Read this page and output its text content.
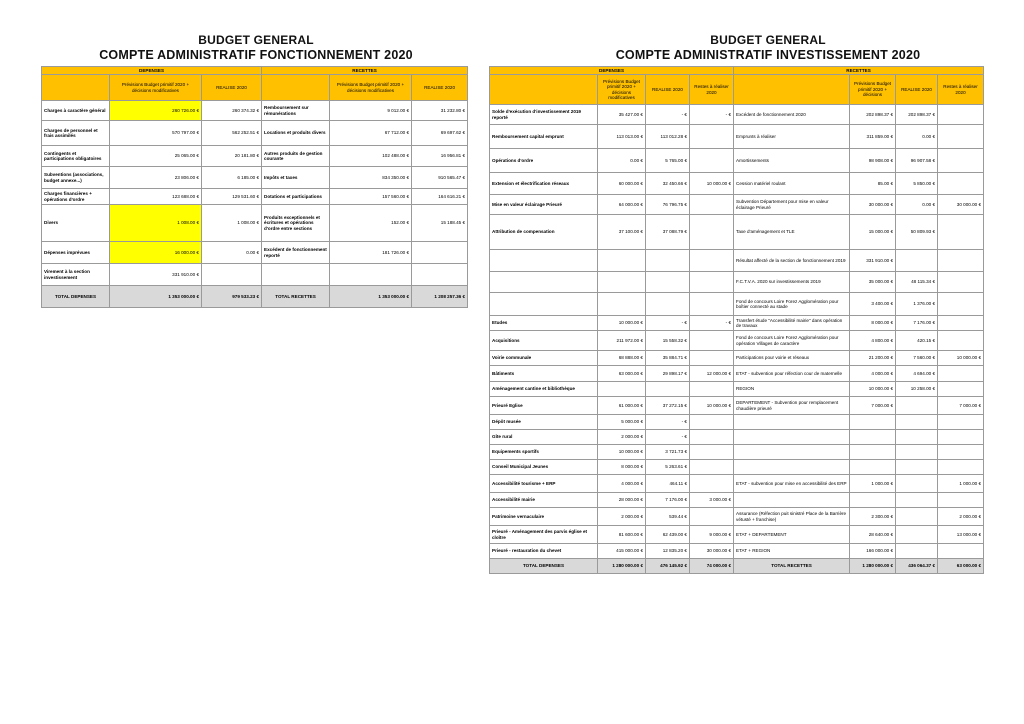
BUDGET GENERAL
COMPTE ADMINISTRATIF FONCTIONNEMENT 2020
DEPENSES			RECETTES		
	Prévisions Budget primitif 2020 + décisions modificatives	REALISE 2020		Prévisions Budget primitif 2020 + décisions modificatives	REALISE 2020
Charges à caractère général	260 726.00 €	260 374.32 €	Remboursement sur rémunérations	9 012.00 €	31 232.80 €
Charges de personnel et frais assimilés	570 797.00 €	562 252.51 €	Locations et produits divers	67 712.00 €	69 697.62 €
Contingents et participations obligatoires	25 065.00 €	20 181.80 €	Autres produits de gestion courante	102 488.00 €	16 956.81 €
Subventions (associations, budget annexe...)	23 806.00 €	6 185.00 €	Impôts et taxes	834 350.00 €	910 565.47 €
Charges financières + opérations d'ordre	123 688.00 €	129 531.60 €	Dotations et participations	157 560.00 €	164 616.21 €
Divers	1 008.00 €	1 008.00 €	Produits exceptionnels et écritures et opérations d'ordre entre sections	152.00 €	15 188.45 €
Dépenses imprévues	16 000.00 €	0.00 €	Excédent de fonctionnement reporté	181 726.00 €	
Virement à la section investissement	331 910.00 €				
TOTAL DEPENSES	1 353 000.00 €	979 533.23 €	TOTAL RECETTES	1 353 000.00 €	1 208 257.36 €
BUDGET GENERAL
COMPTE ADMINISTRATIF INVESTISSEMENT 2020
DEPENSES				RECETTES			
	Prévisions Budget primitif 2020 + décisions modificatives	REALISE 2020	Restes à réaliser 2020		Prévisions Budget primitif 2020 + décisions	REALISE 2020	Restes à réaliser 2020
Solde d'exécution d'investissement 2019 reporté	35 427.00 €	- €	- €	Excédent de fonctionnement 2020	202 898.37 €	202 898.37 €	
Remboursement capital emprunt	113 013.00 €	113 012.28 €		Emprunts à réaliser	311 859.00 €	0.00 €	
Opérations d'ordre	0.00 €	5 765.00 €		Amortissements	98 908.00 €	96 907.58 €	
Extension et électrification réseaux	60 000.00 €	32 450.66 €	10 000.00 €	Cession matériel roulant	85.00 €	5 850.00 €	
Mise en valeur éclairage Prieuré	64 000.00 €	76 796.75 €		Subvention Département pour mise en valeur éclairage Prieuré	30 000.00 €	0.00 €	30 000.00 €
Attribution de compensation	37 100.00 €	37 088.79 €		Taxe d'aménagement et TLE	15 000.00 €	50 809.93 €	
				Résultat affecté de la section de fonctionnement 2019	331 910.00 €		
				F.C.T.V.A. 2020 sur investissements 2019	35 000.00 €	48 115.34 €	
				Fond de concours Loire Forez Agglomération pour boîtier connecté au stade	3 400.00 €	1 376.00 €	
Etudes	10 000.00 €	- €	- €	Transfert étude "Accessibilité mairie" dans opération de travaux	8 000.00 €	7 176.00 €	
Acquisitions	211 972.00 €	15 558.32 €		Fond de concours Loire Forez Agglomération pour opération Villages de caractère	4 800.00 €	420.15 €	
Voirie communale	68 888.00 €	35 884.71 €		Participations pour voirie et réseaux	21 200.00 €	7 560.00 €	10 000.00 €
Bâtiments	63 000.00 €	29 898.17 €	12 000.00 €	ETAT - subvention pour réfection cour de maternelle	4 000.00 €	4 694.00 €	
Aménagement cantine et bibliothèque				REGION	10 000.00 €	10 258.00 €	
Prieuré Eglise	61 000.00 €	37 272.15 €	10 000.00 €	DEPARTEMENT - Subvention pour remplacement chaudière prieuré	7 000.00 €		7 000.00 €
Dépôt musée	5 000.00 €	- €					
Gîte rural	2 000.00 €	- €					
Equipements sportifs	10 000.00 €	3 721.73 €					
Conseil Municipal Jeunes	8 000.00 €	5 263.61 €					
Accessibilité tourisme + ERP	4 000.00 €	464.11 €		ETAT - subvention pour mise en accessibilité des ERP	1 000.00 €		1 000.00 €
Accessibilité mairie	28 000.00 €	7 176.00 €	3 000.00 €				
Patrimoine vernaculaire	2 000.00 €	539.44 €		Assurance (Réfection puit sinistré Place de la Barrière vétusté + franchise)	2 300.00 €		2 000.00 €
Prieuré - Aménagement des parvis église et cloître	81 600.00 €	62 439.00 €	9 000.00 €	ETAT + DEPARTEMENT	28 640.00 €		13 000.00 €
Prieuré - restauration du chevet	415 000.00 €	12 835.20 €	30 000.00 €	ETAT + REGION	166 000.00 €		
TOTAL DEPENSES	1 280 000.00 €	476 145.92 €	74 000.00 €	TOTAL RECETTES	1 280 000.00 €	436 064.37 €	63 000.00 €
